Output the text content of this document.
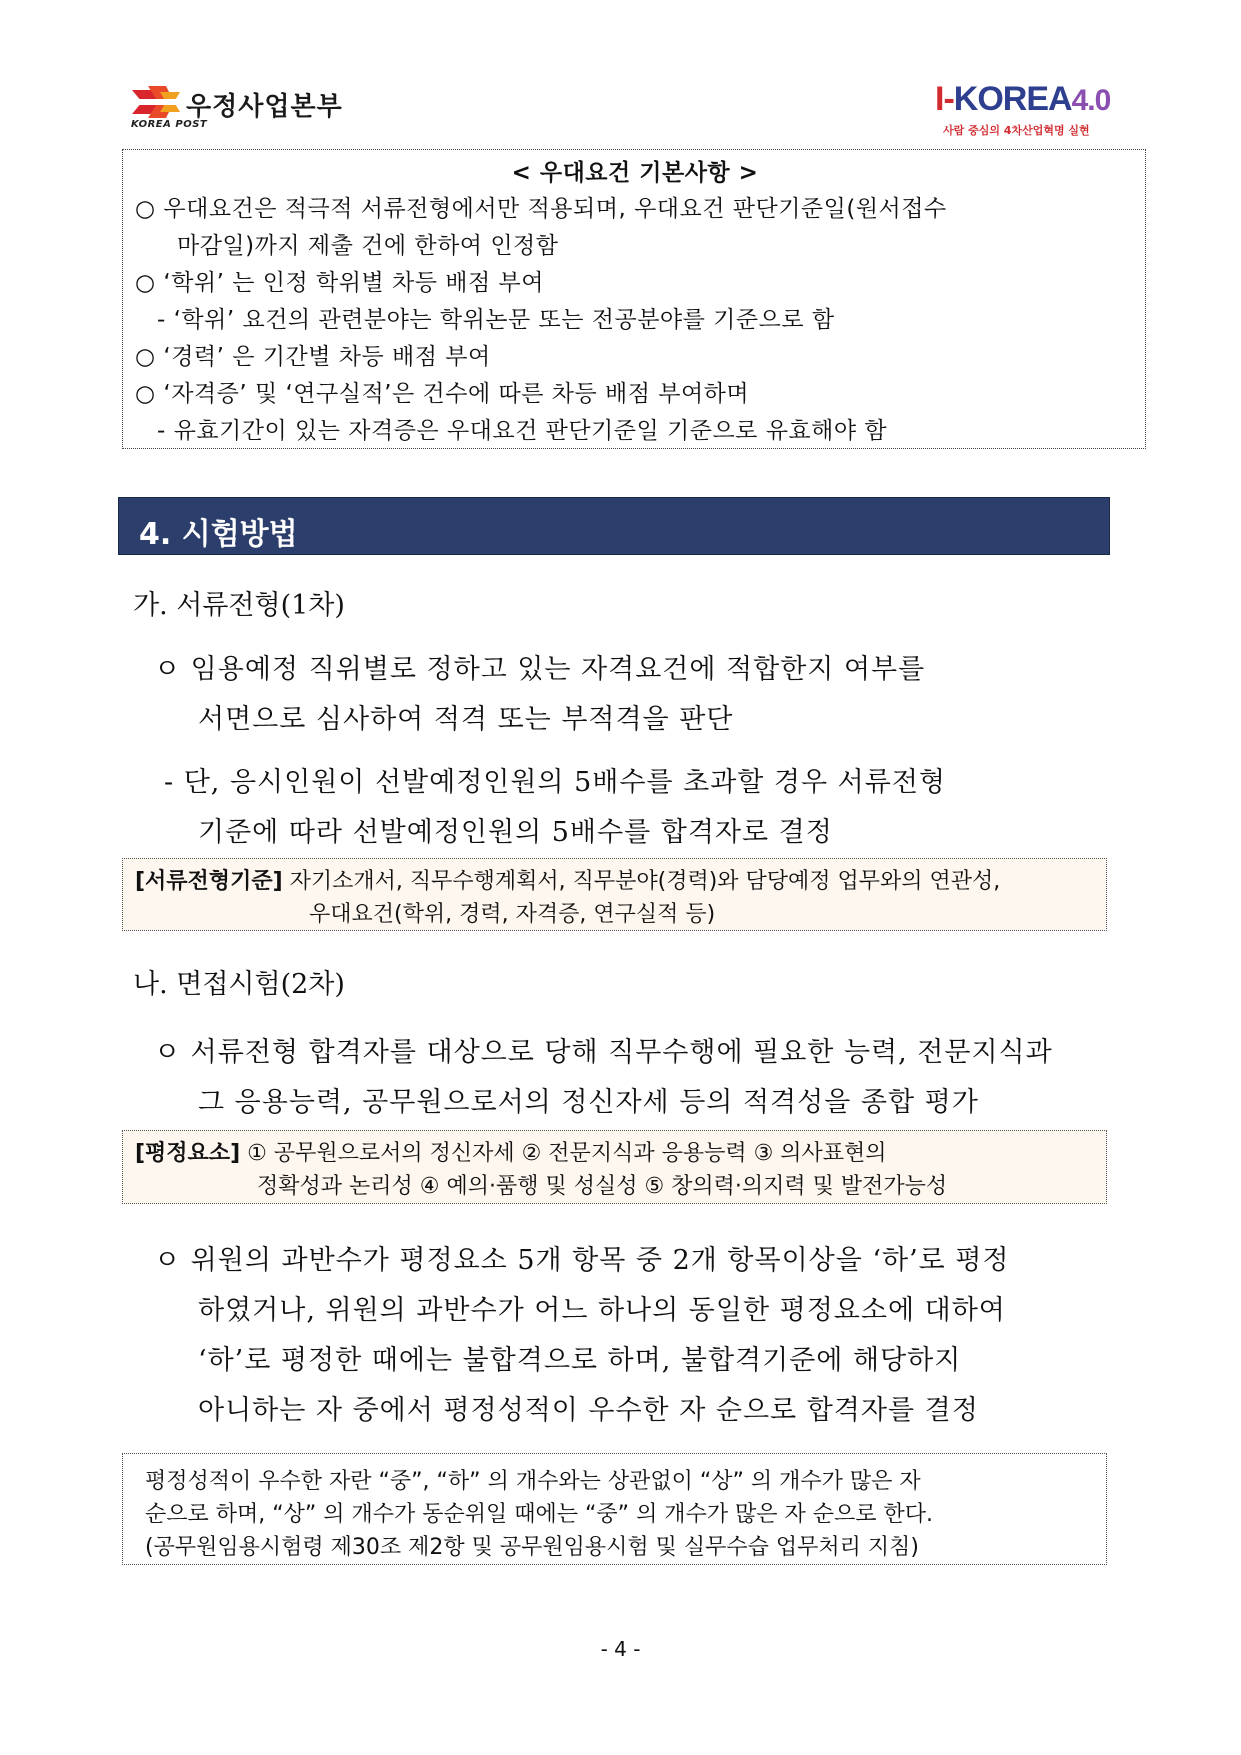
우정사업본부
KOREA POST
I-KOREA4.0
사람 중심의 4차산업혁명 실현
< 우대요건 기본사항 >
○ 우대요건은 적극적 서류전형에서만 적용되며, 우대요건 판단기준일(원서접수
마감일)까지 제출 건에 한하여 인정함
○ ‘학위’ 는 인정 학위별 차등 배점 부여
- ‘학위’ 요건의 관련분야는 학위논문 또는 전공분야를 기준으로 함
○ ‘경력’ 은 기간별 차등 배점 부여
○ ‘자격증’ 및 ‘연구실적’은 건수에 따른 차등 배점 부여하며
- 유효기간이 있는 자격증은 우대요건 판단기준일 기준으로 유효해야 함
4. 시험방법
가. 서류전형(1차)
ㅇ 임용예정 직위별로 정하고 있는 자격요건에 적합한지 여부를
서면으로 심사하여 적격 또는 부적격을 판단
- 단, 응시인원이 선발예정인원의 5배수를 초과할 경우 서류전형
기준에 따라 선발예정인원의 5배수를 합격자로 결정
[서류전형기준] 자기소개서, 직무수행계획서, 직무분야(경력)와 담당예정 업무와의 연관성,
우대요건(학위, 경력, 자격증, 연구실적 등)
나. 면접시험(2차)
ㅇ 서류전형 합격자를 대상으로 당해 직무수행에 필요한 능력, 전문지식과
그 응용능력, 공무원으로서의 정신자세 등의 적격성을 종합 평가
[평정요소] ① 공무원으로서의 정신자세 ② 전문지식과 응용능력 ③ 의사표현의
정확성과 논리성 ④ 예의·품행 및 성실성 ⑤ 창의력·의지력 및 발전가능성
ㅇ 위원의 과반수가 평정요소 5개 항목 중 2개 항목이상을 ‘하’로 평정
하였거나, 위원의 과반수가 어느 하나의 동일한 평정요소에 대하여
‘하’로 평정한 때에는 불합격으로 하며, 불합격기준에 해당하지
아니하는 자 중에서 평정성적이 우수한 자 순으로 합격자를 결정
평정성적이 우수한 자란 “중”, “하” 의 개수와는 상관없이 “상” 의 개수가 많은 자
순으로 하며, “상” 의 개수가 동순위일 때에는 “중” 의 개수가 많은 자 순으로 한다.
(공무원임용시험령 제30조 제2항 및 공무원임용시험 및 실무수습 업무처리 지침)
- 4 -
